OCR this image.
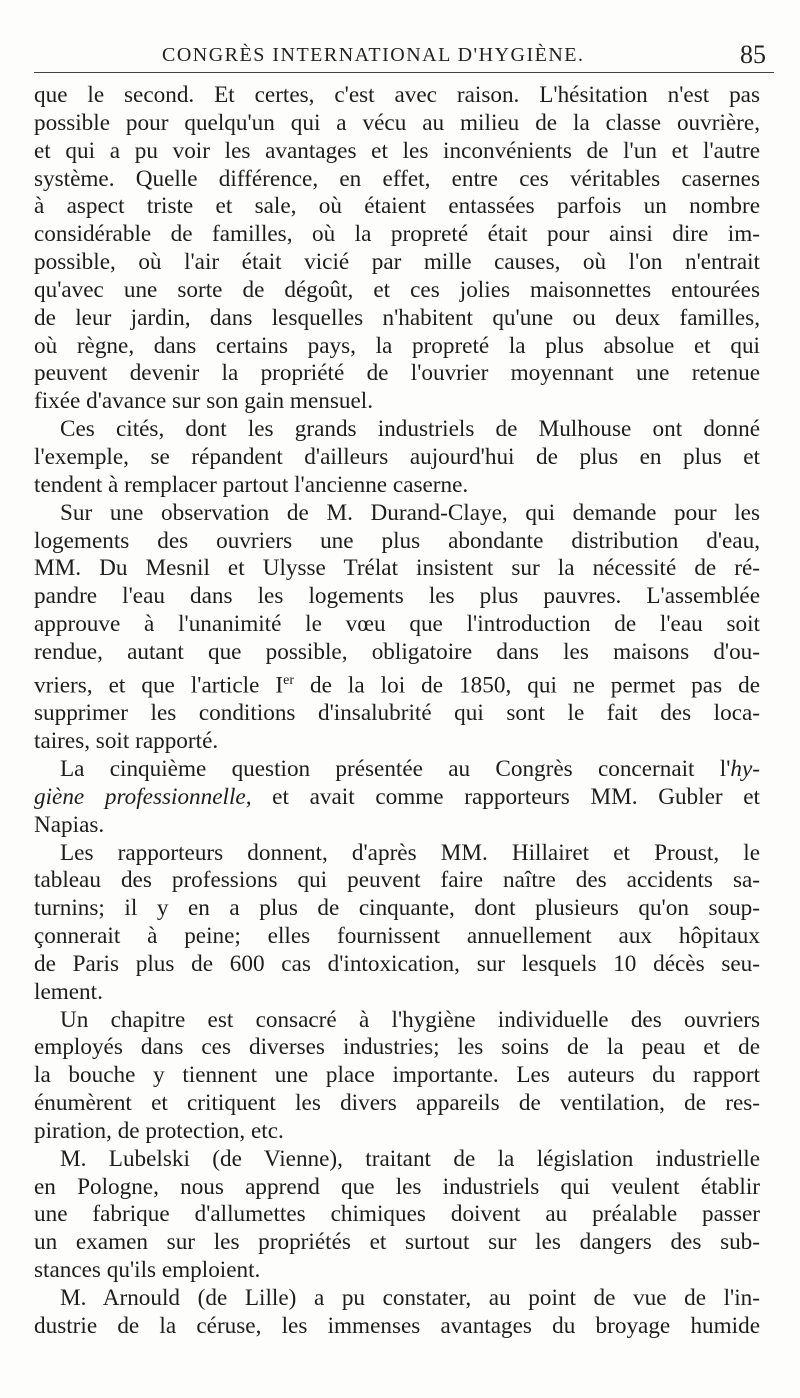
CONGRÈS INTERNATIONAL D'HYGIÈNE.	85
que le second. Et certes, c'est avec raison. L'hésitation n'est pas
possible pour quelqu'un qui a vécu au milieu de la classe ouvrière,
et qui a pu voir les avantages et les inconvénients de l'un et l'autre
système. Quelle différence, en effet, entre ces véritables casernes
à aspect triste et sale, où étaient entassées parfois un nombre
considérable de familles, où la propreté était pour ainsi dire im-
possible, où l'air était vicié par mille causes, où l'on n'entrait
qu'avec une sorte de dégoût, et ces jolies maisonnettes entourées
de leur jardin, dans lesquelles n'habitent qu'une ou deux familles,
où règne, dans certains pays, la propreté la plus absolue et qui
peuvent devenir la propriété de l'ouvrier moyennant une retenue
fixée d'avance sur son gain mensuel.
Ces cités, dont les grands industriels de Mulhouse ont donné
l'exemple, se répandent d'ailleurs aujourd'hui de plus en plus et
tendent à remplacer partout l'ancienne caserne.
Sur une observation de M. Durand-Claye, qui demande pour les
logements des ouvriers une plus abondante distribution d'eau,
MM. Du Mesnil et Ulysse Trélat insistent sur la nécessité de ré-
pandre l'eau dans les logements les plus pauvres. L'assemblée
approuve à l'unanimité le vœu que l'introduction de l'eau soit
rendue, autant que possible, obligatoire dans les maisons d'ou-
vriers, et que l'article Ier de la loi de 1850, qui ne permet pas de
supprimer les conditions d'insalubrité qui sont le fait des loca-
taires, soit rapporté.
La cinquième question présentée au Congrès concernait l'hy-
giène professionnelle, et avait comme rapporteurs MM. Gubler et
Napias.
Les rapporteurs donnent, d'après MM. Hillairet et Proust, le
tableau des professions qui peuvent faire naître des accidents sa-
turnins; il y en a plus de cinquante, dont plusieurs qu'on soup-
çonnerait à peine; elles fournissent annuellement aux hôpitaux
de Paris plus de 600 cas d'intoxication, sur lesquels 10 décès seu-
lement.
Un chapitre est consacré à l'hygiène individuelle des ouvriers
employés dans ces diverses industries; les soins de la peau et de
la bouche y tiennent une place importante. Les auteurs du rapport
énumèrent et critiquent les divers appareils de ventilation, de res-
piration, de protection, etc.
M. Lubelski (de Vienne), traitant de la législation industrielle
en Pologne, nous apprend que les industriels qui veulent établir
une fabrique d'allumettes chimiques doivent au préalable passer
un examen sur les propriétés et surtout sur les dangers des sub-
stances qu'ils emploient.
M. Arnould (de Lille) a pu constater, au point de vue de l'in-
dustrie de la céruse, les immenses avantages du broyage humide
